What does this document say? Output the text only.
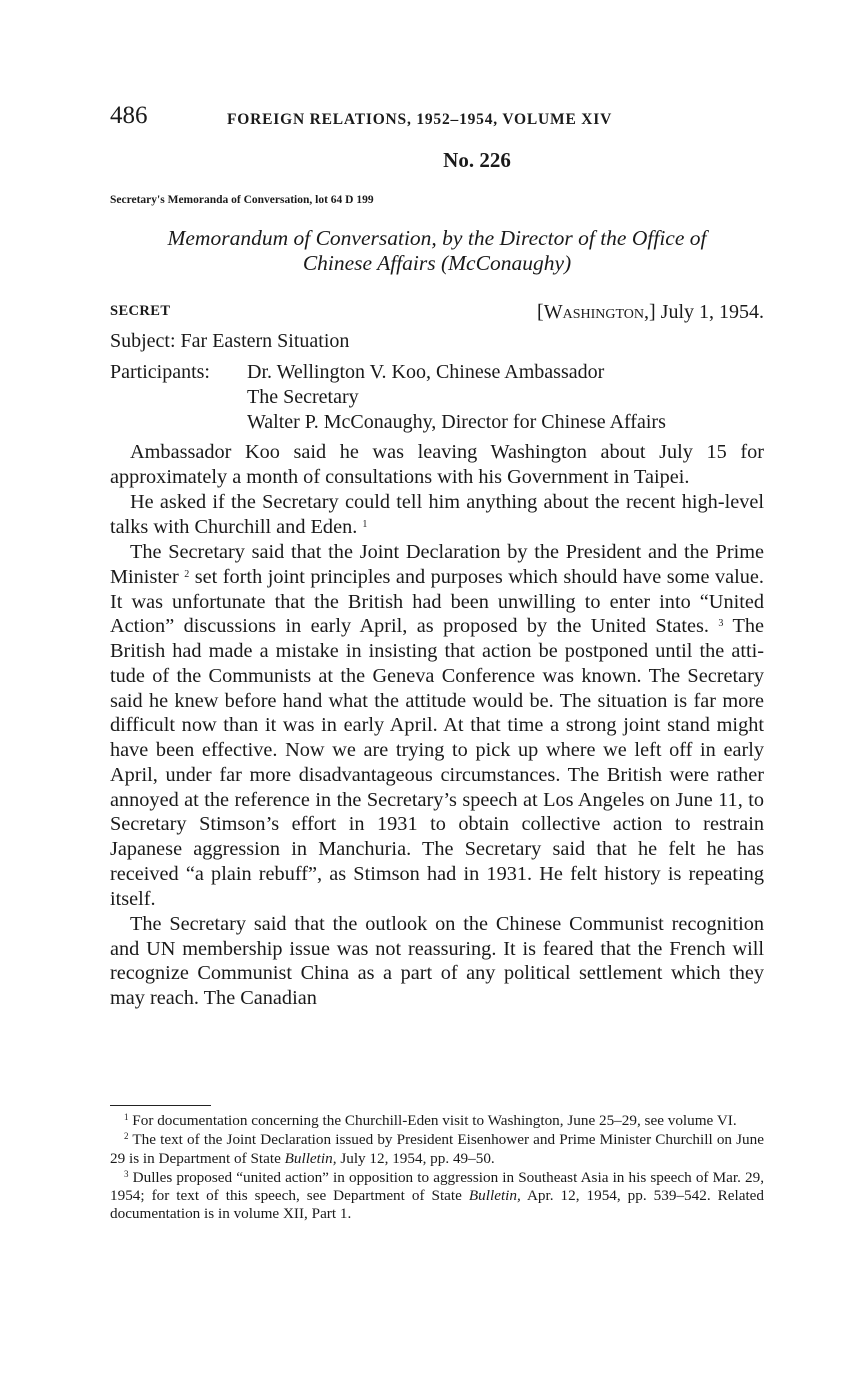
486	FOREIGN RELATIONS, 1952–1954, VOLUME XIV
No. 226
Secretary's Memoranda of Conversation, lot 64 D 199
Memorandum of Conversation, by the Director of the Office of
Chinese Affairs (McConaughy)
SECRET	[Washington,] July 1, 1954.
Subject: Far Eastern Situation
Participants: Dr. Wellington V. Koo, Chinese Ambassador
The Secretary
Walter P. McConaughy, Director for Chinese Affairs

Ambassador Koo said he was leaving Washington about July 15 for approximately a month of consultations with his Government in Taipei.

He asked if the Secretary could tell him anything about the recent high-level talks with Churchill and Eden. $^1$

The Secretary said that the Joint Declaration by the President and the Prime Minister $^2$ set forth joint principles and purposes which should have some value. It was unfortunate that the British had been unwilling to enter into “United Action” discussions in early April, as proposed by the United States. $^3$ The British had made a mistake in insisting that action be postponed until the attitude of the Communists at the Geneva Conference was known. The Secretary said he knew before hand what the attitude would be. The situation is far more difficult now than it was in early April. At that time a strong joint stand might have been effective. Now we are trying to pick up where we left off in early April, under far more disadvantageous circumstances. The British were rather annoyed at the reference in the Secretary’s speech at Los Angeles on June 11, to Secretary Stimson’s effort in 1931 to obtain collective action to restrain Japanese aggression in Manchuria. The Secretary said that he felt he has received “a plain rebuff”, as Stimson had in 1931. He felt history is repeating itself.

The Secretary said that the outlook on the Chinese Communist recognition and UN membership issue was not reassuring. It is feared that the French will recognize Communist China as a part of any political settlement which they may reach. The Canadian

$^1$ For documentation concerning the Churchill-Eden visit to Washington, June 25–29, see volume VI.

$^2$ The text of the Joint Declaration issued by President Eisenhower and Prime Minister Churchill on June 29 is in Department of State Bulletin, July 12, 1954, pp. 49–50.

$^3$ Dulles proposed “united action” in opposition to aggression in Southeast Asia in his speech of Mar. 29, 1954; for text of this speech, see Department of State Bulletin, Apr. 12, 1954, pp. 539–542. Related documentation is in volume XII, Part 1.
